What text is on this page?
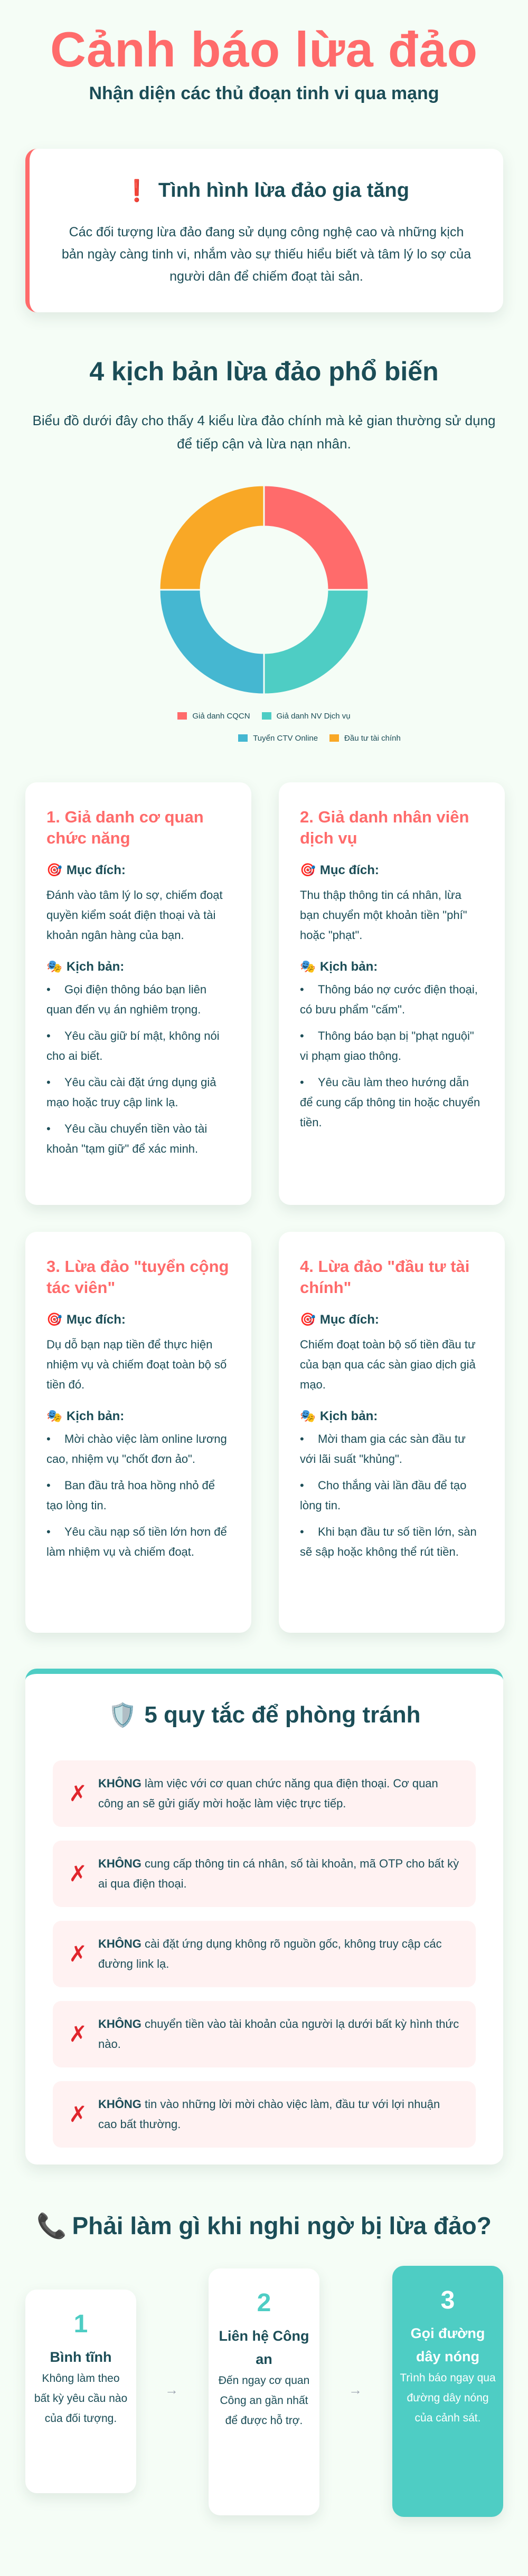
Cảnh báo lừa đảo
Nhận diện các thủ đoạn tinh vi qua mạng
❗ Tình hình lừa đảo gia tăng

Các đối tượng lừa đảo đang sử dụng công nghệ cao và những kịch bản ngày càng tinh vi, nhắm vào sự thiếu hiểu biết và tâm lý lo sợ của người dân để chiếm đoạt tài sản.

4 kịch bản lừa đảo phổ biến

Biểu đồ dưới đây cho thấy 4 kiểu lừa đảo chính mà kẻ gian thường sử dụng để tiếp cận và lừa nạn nhân.

Giả danh CQCN	Giả danh NV Dịch vụ
Tuyển CTV Online	Đầu tư tài chính
1. Giả danh cơ quan chức năng
🎯 Mục đích:

Đánh vào tâm lý lo sợ, chiếm đoạt quyền kiểm soát điện thoại và tài khoản ngân hàng của bạn.

🎭 Kịch bản:
• Gọi điện thông báo bạn liên quan đến vụ án nghiêm trọng.
• Yêu cầu giữ bí mật, không nói cho ai biết.
• Yêu cầu cài đặt ứng dụng giả mạo hoặc truy cập link lạ.
• Yêu cầu chuyển tiền vào tài khoản "tạm giữ" để xác minh.
2. Giả danh nhân viên dịch vụ
🎯 Mục đích:

Thu thập thông tin cá nhân, lừa bạn chuyển một khoản tiền "phí" hoặc "phạt".

🎭 Kịch bản:
• Thông báo nợ cước điện thoại, có bưu phẩm "cấm".
• Thông báo bạn bị "phạt nguội" vi phạm giao thông.
• Yêu cầu làm theo hướng dẫn để cung cấp thông tin hoặc chuyển tiền.
3. Lừa đảo "tuyển cộng tác viên"
🎯 Mục đích:

Dụ dỗ bạn nạp tiền để thực hiện nhiệm vụ và chiếm đoạt toàn bộ số tiền đó.

🎭 Kịch bản:
• Mời chào việc làm online lương cao, nhiệm vụ "chốt đơn ảo".
• Ban đầu trả hoa hồng nhỏ để tạo lòng tin.
• Yêu cầu nạp số tiền lớn hơn để làm nhiệm vụ và chiếm đoạt.
4. Lừa đảo "đầu tư tài chính"
🎯 Mục đích:

Chiếm đoạt toàn bộ số tiền đầu tư của bạn qua các sàn giao dịch giả mạo.

🎭 Kịch bản:
• Mời tham gia các sàn đầu tư với lãi suất "khủng".
• Cho thắng vài lần đầu để tạo lòng tin.
• Khi bạn đầu tư số tiền lớn, sàn sẽ sập hoặc không thể rút tiền.
🛡️ 5 quy tắc để phòng tránh
✗ KHÔNG làm việc với cơ quan chức năng qua điện thoại. Cơ quan công an sẽ gửi giấy mời hoặc làm việc trực tiếp.
✗ KHÔNG cung cấp thông tin cá nhân, số tài khoản, mã OTP cho bất kỳ ai qua điện thoại.
✗ KHÔNG cài đặt ứng dụng không rõ nguồn gốc, không truy cập các đường link lạ.
✗ KHÔNG chuyển tiền vào tài khoản của người lạ dưới bất kỳ hình thức nào.
✗ KHÔNG tin vào những lời mời chào việc làm, đầu tư với lợi nhuận cao bất thường.
📞 Phải làm gì khi nghi ngờ bị lừa đảo?
1
Bình tĩnh
Không làm theo bất kỳ yêu cầu nào của đối tượng.
→
2
Liên hệ Công an
Đến ngay cơ quan Công an gần nhất để được hỗ trợ.
→
3
Gọi đường dây nóng
Trình báo ngay qua đường dây nóng của cảnh sát.
